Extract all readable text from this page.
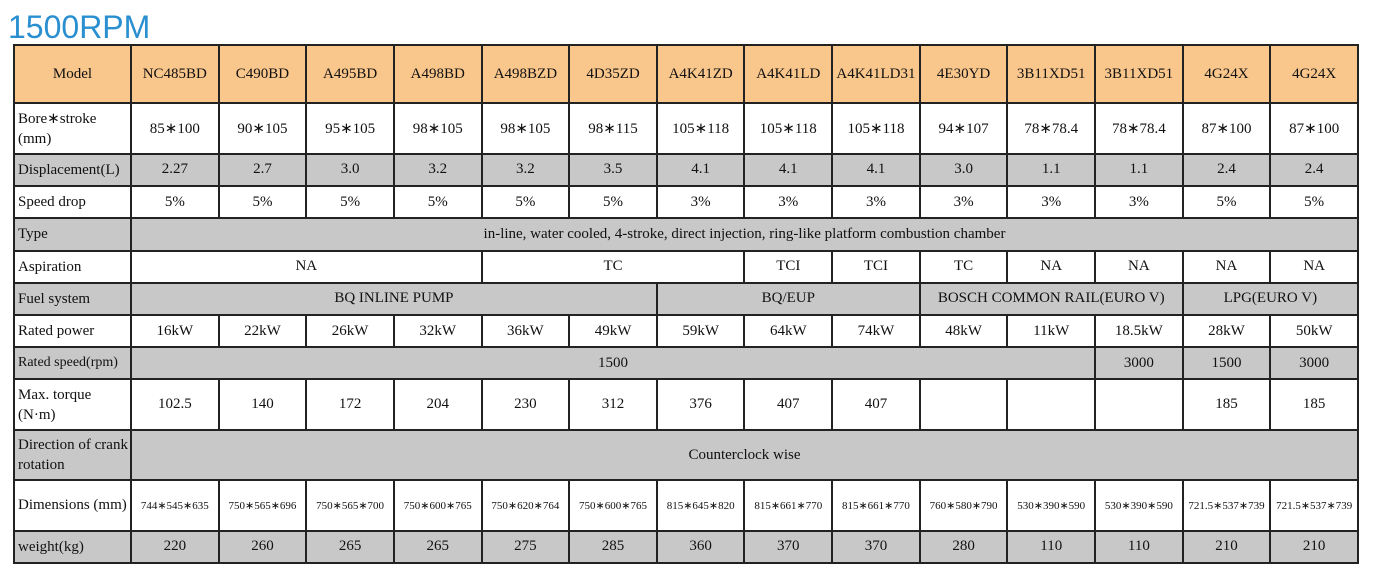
1500RPM
Model	NC485BD	C490BD	A495BD	A498BD	A498BZD	4D35ZD	A4K41ZD	A4K41LD	A4K41LD31	4E30YD	3B11XD51	3B11XD51	4G24X	4G24X
Bore∗stroke (mm)	85∗100	90∗105	95∗105	98∗105	98∗105	98∗115	105∗118	105∗118	105∗118	94∗107	78∗78.4	78∗78.4	87∗100	87∗100
Displacement(L)	2.27	2.7	3.0	3.2	3.2	3.5	4.1	4.1	4.1	3.0	1.1	1.1	2.4	2.4
Speed drop	5%	5%	5%	5%	5%	5%	3%	3%	3%	3%	3%	3%	5%	5%
Type	in-line, water cooled, 4-stroke, direct injection, ring-like platform combustion chamber													
Aspiration	NA				TC			TCI	TCI	TC	NA	NA	NA	NA
Fuel system	BQ INLINE PUMP						BQ/EUP			BOSCH COMMON RAIL(EURO V)			LPG(EURO V)	
Rated power	16kW	22kW	26kW	32kW	36kW	49kW	59kW	64kW	74kW	48kW	11kW	18.5kW	28kW	50kW
Rated speed(rpm)	1500											3000	1500	3000
Max. torque (N·m)	102.5	140	172	204	230	312	376	407	407				185	185
Direction of crank rotation	Counterclock wise													
Dimensions (mm)	744∗545∗635	750∗565∗696	750∗565∗700	750∗600∗765	750∗620∗764	750∗600∗765	815∗645∗820	815∗661∗770	815∗661∗770	760∗580∗790	530∗390∗590	530∗390∗590	721.5∗537∗739	721.5∗537∗739
weight(kg)	220	260	265	265	275	285	360	370	370	280	110	110	210	210
